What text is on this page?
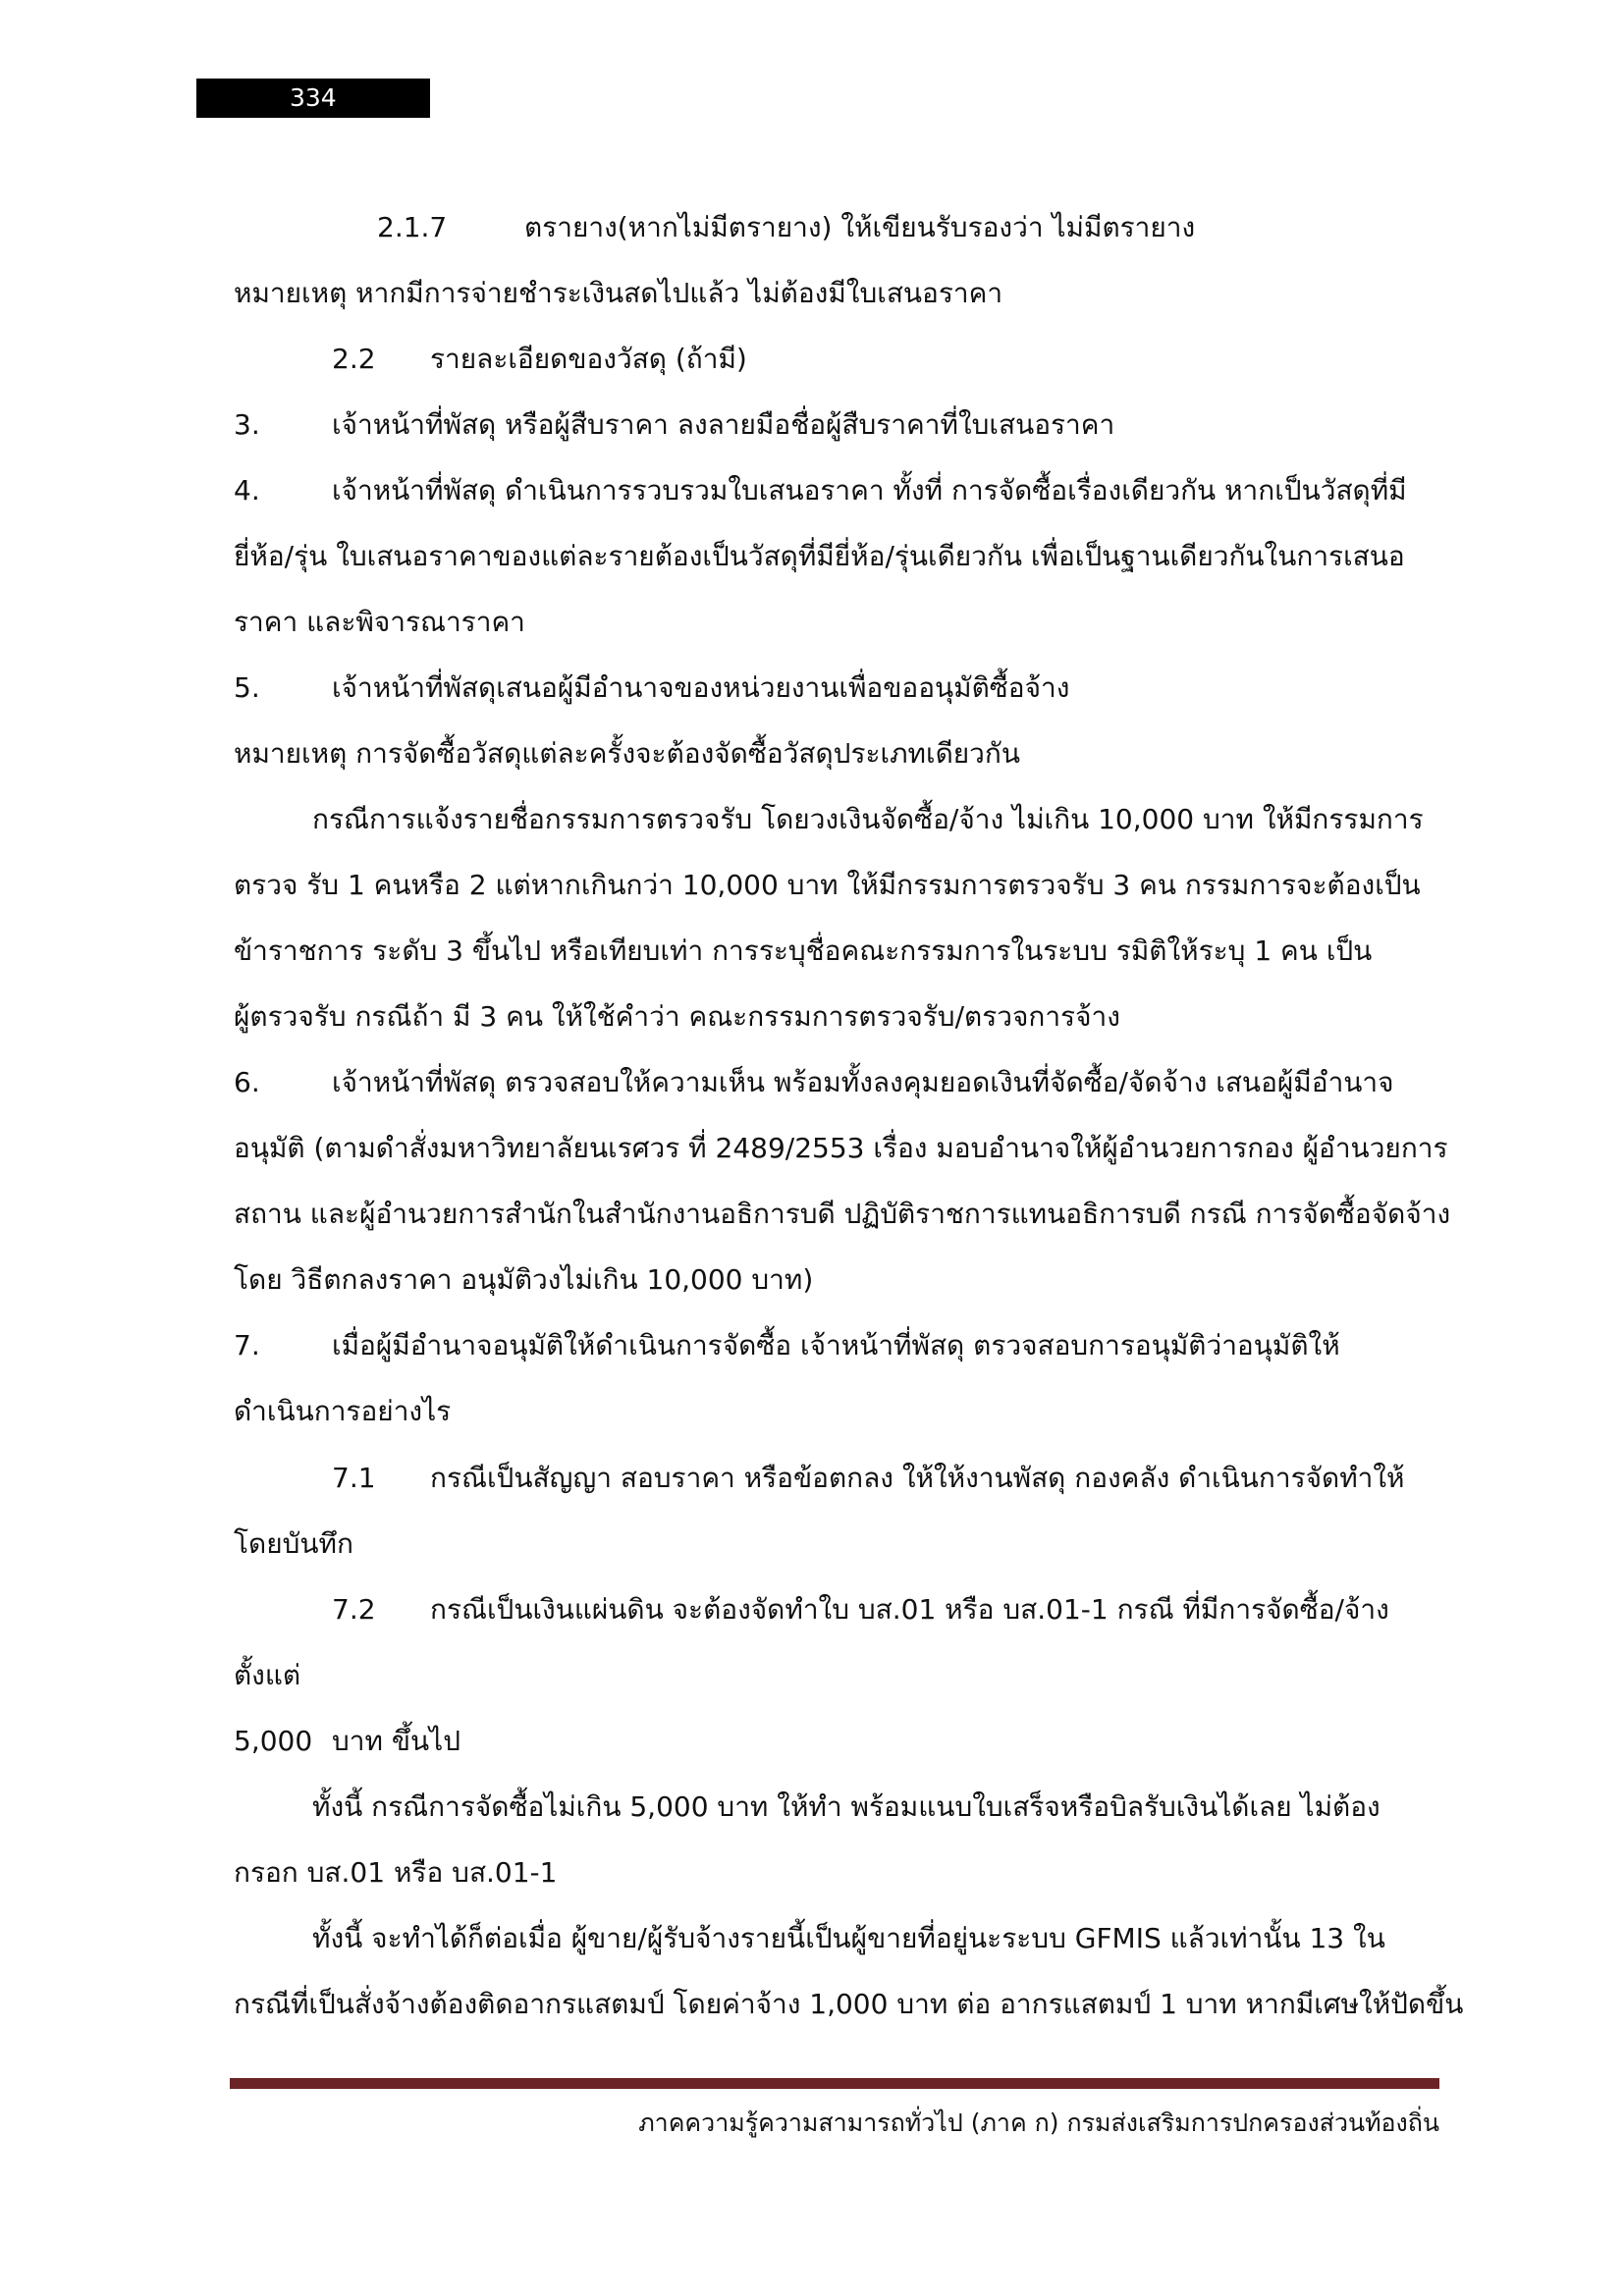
334
2.1.7	ตรายาง(หากไม่มีตรายาง) ให้เขียนรับรองว่า ไม่มีตรายาง
หมายเหตุ หากมีการจ่ายชำระเงินสดไปแล้ว ไม่ต้องมีใบเสนอราคา
2.2 รายละเอียดของวัสดุ (ถ้ามี)
3.	เจ้าหน้าที่พัสดุ หรือผู้สืบราคา ลงลายมือชื่อผู้สืบราคาที่ใบเสนอราคา
4.	เจ้าหน้าที่พัสดุ ดำเนินการรวบรวมใบเสนอราคา ทั้งที่ การจัดซื้อเรื่องเดียวกัน หากเป็นวัสดุที่มี
ยี่ห้อ/รุ่น ใบเสนอราคาของแต่ละรายต้องเป็นวัสดุที่มียี่ห้อ/รุ่นเดียวกัน เพื่อเป็นฐานเดียวกันในการเสนอ
ราคา และพิจารณาราคา
5.	เจ้าหน้าที่พัสดุเสนอผู้มีอำนาจของหน่วยงานเพื่อขออนุมัติซื้อจ้าง
หมายเหตุ การจัดซื้อวัสดุแต่ละครั้งจะต้องจัดซื้อวัสดุประเภทเดียวกัน
กรณีการแจ้งรายชื่อกรรมการตรวจรับ โดยวงเงินจัดซื้อ/จ้าง ไม่เกิน 10,000 บาท ให้มีกรรมการ
ตรวจ รับ 1 คนหรือ 2 แต่หากเกินกว่า 10,000 บาท ให้มีกรรมการตรวจรับ 3 คน กรรมการจะต้องเป็น
ข้าราชการ ระดับ 3 ขึ้นไป หรือเทียบเท่า การระบุชื่อคณะกรรมการในระบบ รมิติให้ระบุ 1 คน เป็น
ผู้ตรวจรับ กรณีถ้า มี 3 คน ให้ใช้คำว่า คณะกรรมการตรวจรับ/ตรวจการจ้าง
6.	เจ้าหน้าที่พัสดุ ตรวจสอบให้ความเห็น พร้อมทั้งลงคุมยอดเงินที่จัดซื้อ/จัดจ้าง เสนอผู้มีอำนาจ
อนุมัติ (ตามดำสั่งมหาวิทยาลัยนเรศวร ที่ 2489/2553 เรื่อง มอบอำนาจให้ผู้อำนวยการกอง ผู้อำนวยการ
สถาน และผู้อำนวยการสำนักในสำนักงานอธิการบดี ปฏิบัติราชการแทนอธิการบดี กรณี การจัดซื้อจัดจ้าง
โดย วิธีตกลงราคา อนุมัติวงไม่เกิน 10,000 บาท)
7.	เมื่อผู้มีอำนาจอนุมัติให้ดำเนินการจัดซื้อ เจ้าหน้าที่พัสดุ ตรวจสอบการอนุมัติว่าอนุมัติให้
ดำเนินการอย่างไร
7.1 กรณีเป็นสัญญา สอบราคา หรือข้อตกลง ให้ให้งานพัสดุ กองคลัง ดำเนินการจัดทำให้
โดยบันทึก
7.2 กรณีเป็นเงินแผ่นดิน จะต้องจัดทำใบ บส.01 หรือ บส.01-1 กรณี ที่มีการจัดซื้อ/จ้าง
ตั้งแต่
5,000 บาท ขึ้นไป
ทั้งนี้ กรณีการจัดซื้อไม่เกิน 5,000 บาท ให้ทำ พร้อมแนบใบเสร็จหรือบิลรับเงินได้เลย ไม่ต้อง
กรอก บส.01 หรือ บส.01-1
ทั้งนี้ จะทำได้ก็ต่อเมื่อ ผู้ขาย/ผู้รับจ้างรายนี้เป็นผู้ขายที่อยู่นะระบบ GFMIS แล้วเท่านั้น 13 ใน
กรณีที่เป็นสั่งจ้างต้องติดอากรแสตมป์ โดยค่าจ้าง 1,000 บาท ต่อ อากรแสตมป์ 1 บาท หากมีเศษให้ปัดขึ้น
ภาคความรู้ความสามารถทั่วไป (ภาค ก) กรมส่งเสริมการปกครองส่วนท้องถิ่น
